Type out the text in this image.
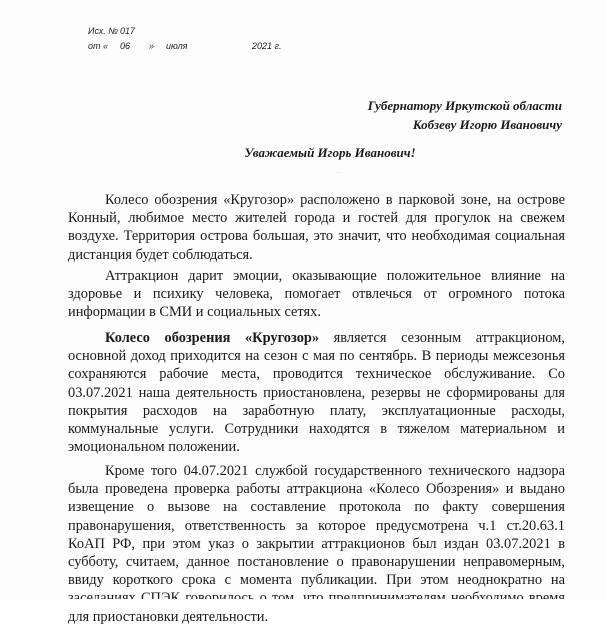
Исх. № 017
от « 06 » июля	2021 г.
Губернатору Иркутской области
Кобзеву Игорю Ивановичу
Уважаемый Игорь Иванович!
···

Колесо обозрения «Кругозор» расположено в парковой зоне, на острове Конный, любимое место жителей города и гостей для прогулок на свежем воздухе. Территория острова большая, это значит, что необходимая социальная дистанция будет соблюдаться.

Аттракцион дарит эмоции, оказывающие положительное влияние на здоровье и психику человека, помогает отвлечься от огромного потока информации в СМИ и социальных сетях.

Колесо обозрения «Кругозор» является сезонным аттракционом, основной доход приходится на сезон с мая по сентябрь. В периоды межсезонья сохраняются рабочие места, проводится техническое обслуживание. Со 03.07.2021 наша деятельность приостановлена, резервы не сформированы для покрытия расходов на заработную плату, эксплуатационные расходы, коммунальные услуги. Сотрудники находятся в тяжелом материальном и эмоциональном положении.

Кроме того 04.07.2021 службой государственного технического надзора была проведена проверка работы аттракциона «Колесо Обозрения» и выдано извещение о вызове на составление протокола по факту совершения правонарушения, ответственность за которое предусмотрена ч.1 ст.20.63.1 КоАП РФ, при этом указ о закрытии аттракционов был издан 03.07.2021 в субботу, считаем, данное постановление о правонарушении неправомерным, ввиду короткого срока с момента публикации. При этом неоднократно на для приостановки деятельности.
